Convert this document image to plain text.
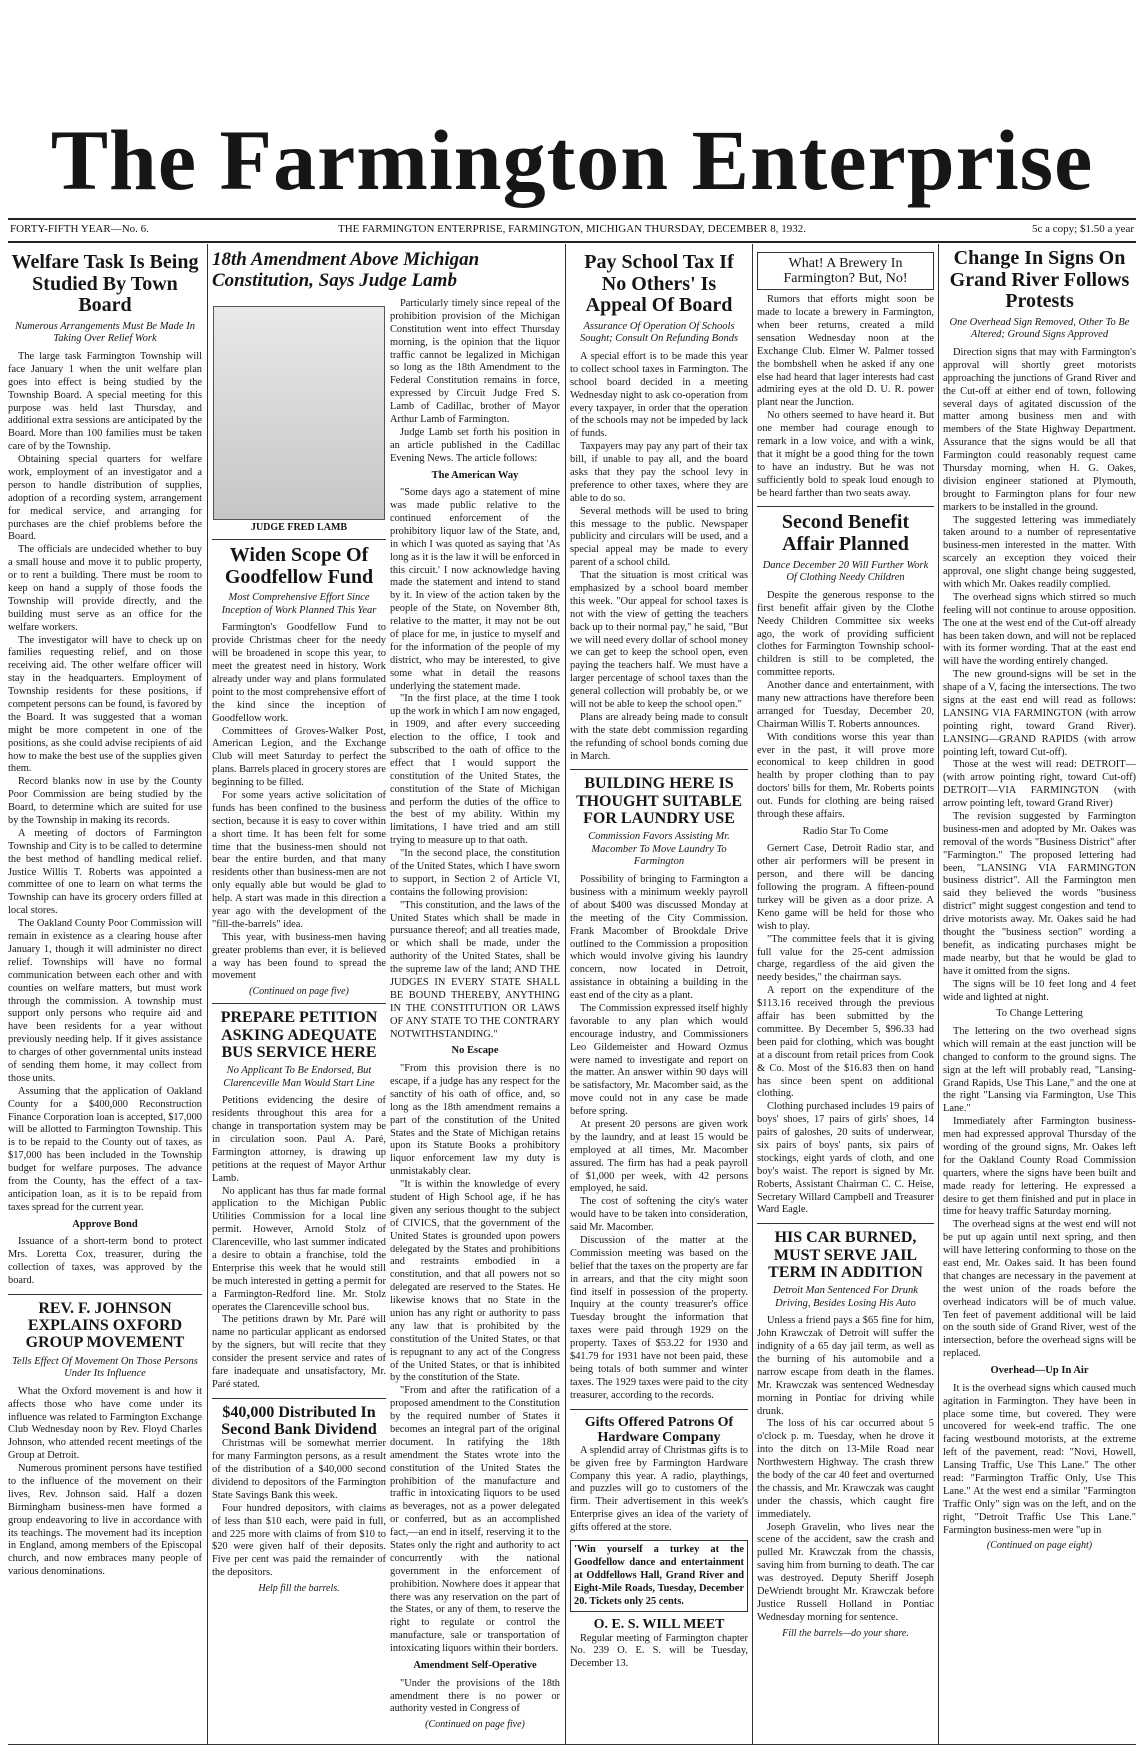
The Farmington Enterprise
FORTY-FIFTH YEAR—No. 6.	THE FARMINGTON ENTERPRISE, FARMINGTON, MICHIGAN THURSDAY, DECEMBER 8, 1932.	5c a copy; $1.50 a year
Welfare Task Is Being Studied By Town Board
Numerous Arrangements Must Be Made In Taking Over Relief Work

The large task Farmington Township will face January 1 when the unit welfare plan goes into effect is being studied by the Township Board. A special meeting for this purpose was held last Thursday, and additional extra sessions are anticipated by the Board. More than 100 families must be taken care of by the Township.

Obtaining special quarters for welfare work, employment of an investigator and a person to handle distribution of supplies, adoption of a recording system, arrangement for medical service, and arranging for purchases are the chief problems before the Board.

The officials are undecided whether to buy a small house and move it to public property, or to rent a building. There must be room to keep on hand a supply of those foods the Township will provide directly, and the building must serve as an office for the welfare workers.

The investigator will have to check up on families requesting relief, and on those receiving aid. The other welfare officer will stay in the headquarters. Employment of Township residents for these positions, if competent persons can be found, is favored by the Board. It was suggested that a woman might be more competent in one of the positions, as she could advise recipients of aid how to make the best use of the supplies given them.

Record blanks now in use by the County Poor Commission are being studied by the Board, to determine which are suited for use by the Township in making its records.

A meeting of doctors of Farmington Township and City is to be called to determine the best method of handling medical relief. Justice Willis T. Roberts was appointed a committee of one to learn on what terms the Township can have its grocery orders filled at local stores.

The Oakland County Poor Commission will remain in existence as a clearing house after January 1, though it will administer no direct relief. Townships will have no formal communication between each other and with counties on welfare matters, but must work through the commission. A township must support only persons who require aid and have been residents for a year without previously needing help. If it gives assistance to charges of other governmental units instead of sending them home, it may collect from those units.

Assuming that the application of Oakland County for a $400,000 Reconstruction Finance Corporation loan is accepted, $17,000 will be allotted to Farmington Township. This is to be repaid to the County out of taxes, as $17,000 has been included in the Township budget for welfare purposes. The advance from the County, has the effect of a tax-anticipation loan, as it is to be repaid from taxes spread for the current year.

Approve Bond

Issuance of a short-term bond to protect Mrs. Loretta Cox, treasurer, during the collection of taxes, was approved by the board.

REV. F. JOHNSON EXPLAINS OXFORD GROUP MOVEMENT
Tells Effect Of Movement On Those Persons Under Its Influence

What the Oxford movement is and how it affects those who have come under its influence was related to Farmington Exchange Club Wednesday noon by Rev. Floyd Charles Johnson, who attended recent meetings of the Group at Detroit.

Numerous prominent persons have testified to the influence of the movement on their lives, Rev. Johnson said. Half a dozen Birmingham business-men have formed a group endeavoring to live in accordance with its teachings. The movement had its inception in England, among members of the Episcopal church, and now embraces many people of various denominations.

18th Amendment Above Michigan Constitution, Says Judge Lamb
JUDGE FRED LAMB
Widen Scope Of Goodfellow Fund
Most Comprehensive Effort Since Inception of Work Planned This Year

Farmington's Goodfellow Fund to provide Christmas cheer for the needy will be broadened in scope this year, to meet the greatest need in history. Work already under way and plans formulated point to the most comprehensive effort of the kind since the inception of Goodfellow work.

Committees of Groves-Walker Post, American Legion, and the Exchange Club will meet Saturday to perfect the plans. Barrels placed in grocery stores are beginning to be filled.

For some years active solicitation of funds has been confined to the business section, because it is easy to cover within a short time. It has been felt for some time that the business-men should not bear the entire burden, and that many residents other than business-men are not only equally able but would be glad to help. A start was made in this direction a year ago with the development of the "fill-the-barrels" idea.

This year, with business-men having greater problems than ever, it is believed a way has been found to spread the movement

(Continued on page five)
PREPARE PETITION ASKING ADEQUATE BUS SERVICE HERE
No Applicant To Be Endorsed, But Clarenceville Man Would Start Line

Petitions evidencing the desire of residents throughout this area for a change in transportation system may be in circulation soon. Paul A. Paré, Farmington attorney, is drawing up petitions at the request of Mayor Arthur Lamb.

No applicant has thus far made formal application to the Michigan Public Utilities Commission for a local line permit. However, Arnold Stolz of Clarenceville, who last summer indicated a desire to obtain a franchise, told the Enterprise this week that he would still be much interested in getting a permit for a Farmington-Redford line. Mr. Stolz operates the Clarenceville school bus.

The petitions drawn by Mr. Paré will name no particular applicant as endorsed by the signers, but will recite that they consider the present service and rates of fare inadequate and unsatisfactory, Mr. Paré stated.

$40,000 Distributed In Second Bank Dividend

Christmas will be somewhat merrier for many Farmington persons, as a result of the distribution of a $40,000 second dividend to depositors of the Farmington State Savings Bank this week.

Four hundred depositors, with claims of less than $10 each, were paid in full, and 225 more with claims of from $10 to $20 were given half of their deposits. Five per cent was paid the remainder of the depositors.

Help fill the barrels.

Particularly timely since repeal of the prohibition provision of the Michigan Constitution went into effect Thursday morning, is the opinion that the liquor traffic cannot be legalized in Michigan so long as the 18th Amendment to the Federal Constitution remains in force, expressed by Circuit Judge Fred S. Lamb of Cadillac, brother of Mayor Arthur Lamb of Farmington.

Judge Lamb set forth his position in an article published in the Cadillac Evening News. The article follows:

The American Way

"Some days ago a statement of mine was made public relative to the continued enforcement of the prohibitory liquor law of the State, and, in which I was quoted as saying that 'As long as it is the law it will be enforced in this circuit.' I now acknowledge having made the statement and intend to stand by it. In view of the action taken by the people of the State, on November 8th, relative to the matter, it may not be out of place for me, in justice to myself and for the information of the people of my district, who may be interested, to give some what in detail the reasons underlying the statement made.

"In the first place, at the time I took up the work in which I am now engaged, in 1909, and after every succeeding election to the office, I took and subscribed to the oath of office to the effect that I would support the constitution of the United States, the constitution of the State of Michigan and perform the duties of the office to the best of my ability. Within my limitations, I have tried and am still trying to measure up to that oath.

"In the second place, the constitution of the United States, which I have sworn to support, in Section 2 of Article VI, contains the following provision:

"This constitution, and the laws of the United States which shall be made in pursuance thereof; and all treaties made, or which shall be made, under the authority of the United States, shall be the supreme law of the land; AND THE JUDGES IN EVERY STATE SHALL BE BOUND THEREBY, ANYTHING IN THE CONSTITUTION OR LAWS OF ANY STATE TO THE CONTRARY NOTWITHSTANDING."

No Escape

"From this provision there is no escape, if a judge has any respect for the sanctity of his oath of office, and, so long as the 18th amendment remains a part of the constitution of the United States and the State of Michigan retains upon its Statute Books a prohibitory liquor enforcement law my duty is unmistakably clear.

"It is within the knowledge of every student of High School age, if he has given any serious thought to the subject of CIVICS, that the government of the United States is grounded upon powers delegated by the States and prohibitions and restraints embodied in a constitution, and that all powers not so delegated are reserved to the States. He likewise knows that no State in the union has any right or authority to pass any law that is prohibited by the constitution of the United States, or that is repugnant to any act of the Congress of the United States, or that is inhibited by the constitution of the State.

"From and after the ratification of a proposed amendment to the Constitution by the required number of States it becomes an integral part of the original document. In ratifying the 18th amendment the States wrote into the constitution of the United States the prohibition of the manufacture and traffic in intoxicating liquors to be used as beverages, not as a power delegated or conferred, but as an accomplished fact,—an end in itself, reserving it to the States only the right and authority to act concurrently with the national government in the enforcement of prohibition. Nowhere does it appear that there was any reservation on the part of the States, or any of them, to reserve the right to regulate or control the manufacture, sale or transportation of intoxicating liquors within their borders.

Amendment Self-Operative

"Under the provisions of the 18th amendment there is no power or authority vested in Congress of

(Continued on page five)
Pay School Tax If No Others' Is Appeal Of Board
Assurance Of Operation Of Schools Sought; Consult On Refunding Bonds

A special effort is to be made this year to collect school taxes in Farmington. The school board decided in a meeting Wednesday night to ask co-operation from every taxpayer, in order that the operation of the schools may not be impeded by lack of funds.

Taxpayers may pay any part of their tax bill, if unable to pay all, and the board asks that they pay the school levy in preference to other taxes, where they are able to do so.

Several methods will be used to bring this message to the public. Newspaper publicity and circulars will be used, and a special appeal may be made to every parent of a school child.

That the situation is most critical was emphasized by a school board member this week. "Our appeal for school taxes is not with the view of getting the teachers back up to their normal pay," he said, "But we will need every dollar of school money we can get to keep the school open, even paying the teachers half. We must have a larger percentage of school taxes than the general collection will probably be, or we will not be able to keep the school open."

Plans are already being made to consult with the state debt commission regarding the refunding of school bonds coming due in March.

BUILDING HERE IS THOUGHT SUITABLE FOR LAUNDRY USE
Commission Favors Assisting Mr. Macomber To Move Laundry To Farmington

Possibility of bringing to Farmington a business with a minimum weekly payroll of about $400 was discussed Monday at the meeting of the City Commission. Frank Macomber of Brookdale Drive outlined to the Commission a proposition which would involve giving his laundry concern, now located in Detroit, assistance in obtaining a building in the east end of the city as a plant.

The Commission expressed itself highly favorable to any plan which would encourage industry, and Commissioners Leo Gildemeister and Howard Ozmus were named to investigate and report on the matter. An answer within 90 days will be satisfactory, Mr. Macomber said, as the move could not in any case be made before spring.

At present 20 persons are given work by the laundry, and at least 15 would be employed at all times, Mr. Macomber assured. The firm has had a peak payroll of $1,000 per week, with 42 persons employed, he said.

The cost of softening the city's water would have to be taken into consideration, said Mr. Macomber.

Discussion of the matter at the Commission meeting was based on the belief that the taxes on the property are far in arrears, and that the city might soon find itself in possession of the property. Inquiry at the county treasurer's office Tuesday brought the information that taxes were paid through 1929 on the property. Taxes of $53.22 for 1930 and $41.79 for 1931 have not been paid, these being totals of both summer and winter taxes. The 1929 taxes were paid to the city treasurer, according to the records.

Gifts Offered Patrons Of Hardware Company

A splendid array of Christmas gifts is to be given free by Farmington Hardware Company this year. A radio, playthings, and puzzles will go to customers of the firm. Their advertisement in this week's Enterprise gives an idea of the variety of gifts offered at the store.

'Win yourself a turkey at the Goodfellow dance and entertainment at Oddfellows Hall, Grand River and Eight-Mile Roads, Tuesday, December 20. Tickets only 25 cents.

O. E. S. WILL MEET

Regular meeting of Farmington chapter No. 239 O. E. S. will be Tuesday, December 13.

What! A Brewery In Farmington? But, No!

Rumors that efforts might soon be made to locate a brewery in Farmington, when beer returns, created a mild sensation Wednesday noon at the Exchange Club. Elmer W. Palmer tossed the bombshell when he asked if any one else had heard that lager interests had cast admiring eyes at the old D. U. R. power plant near the Junction.

No others seemed to have heard it. But one member had courage enough to remark in a low voice, and with a wink, that it might be a good thing for the town to have an industry. But he was not sufficiently bold to speak loud enough to be heard farther than two seats away.

Second Benefit Affair Planned
Dance December 20 Will Further Work Of Clothing Needy Children

Despite the generous response to the first benefit affair given by the Clothe Needy Children Committee six weeks ago, the work of providing sufficient clothes for Farmington Township school-children is still to be completed, the committee reports.

Another dance and entertainment, with many new attractions have therefore been arranged for Tuesday, December 20, Chairman Willis T. Roberts announces.

With conditions worse this year than ever in the past, it will prove more economical to keep children in good health by proper clothing than to pay doctors' bills for them, Mr. Roberts points out. Funds for clothing are being raised through these affairs.

Radio Star To Come

Gernert Case, Detroit Radio star, and other air performers will be present in person, and there will be dancing following the program. A fifteen-pound turkey will be given as a door prize. A Keno game will be held for those who wish to play.

"The committee feels that it is giving full value for the 25-cent admission charge, regardless of the aid given the needy besides," the chairman says.

A report on the expenditure of the $113.16 received through the previous affair has been submitted by the committee. By December 5, $96.33 had been paid for clothing, which was bought at a discount from retail prices from Cook & Co. Most of the $16.83 then on hand has since been spent on additional clothing.

Clothing purchased includes 19 pairs of boys' shoes, 17 pairs of girls' shoes, 14 pairs of galoshes, 20 suits of underwear, six pairs of boys' pants, six pairs of stockings, eight yards of cloth, and one boy's waist. The report is signed by Mr. Roberts, Assistant Chairman C. C. Heise, Secretary Willard Campbell and Treasurer Ward Eagle.

HIS CAR BURNED, MUST SERVE JAIL TERM IN ADDITION
Detroit Man Sentenced For Drunk Driving, Besides Losing His Auto

Unless a friend pays a $65 fine for him, John Krawczak of Detroit will suffer the indignity of a 65 day jail term, as well as the burning of his automobile and a narrow escape from death in the flames. Mr. Krawczak was sentenced Wednesday morning in Pontiac for driving while drunk.

The loss of his car occurred about 5 o'clock p. m. Tuesday, when he drove it into the ditch on 13-Mile Road near Northwestern Highway. The crash threw the body of the car 40 feet and overturned the chassis, and Mr. Krawczak was caught under the chassis, which caught fire immediately.

Joseph Gravelin, who lives near the scene of the accident, saw the crash and pulled Mr. Krawczak from the chassis, saving him from burning to death. The car was destroyed. Deputy Sheriff Joseph DeWriendt brought Mr. Krawczak before Justice Russell Holland in Pontiac Wednesday morning for sentence.

Fill the barrels—do your share.
Change In Signs On Grand River Follows Protests
One Overhead Sign Removed, Other To Be Altered; Ground Signs Approved

Direction signs that may with Farmington's approval will shortly greet motorists approaching the junctions of Grand River and the Cut-off at either end of town, following several days of agitated discussion of the matter among business men and with members of the State Highway Department. Assurance that the signs would be all that Farmington could reasonably request came Thursday morning, when H. G. Oakes, division engineer stationed at Plymouth, brought to Farmington plans for four new markers to be installed in the ground.

The suggested lettering was immediately taken around to a number of representative business-men interested in the matter. With scarcely an exception they voiced their approval, one slight change being suggested, with which Mr. Oakes readily complied.

The overhead signs which stirred so much feeling will not continue to arouse opposition. The one at the west end of the Cut-off already has been taken down, and will not be replaced with its former wording. That at the east end will have the wording entirely changed.

The new ground-signs will be set in the shape of a V, facing the intersections. The two signs at the east end will read as follows: LANSING VIA FARMINGTON (with arrow pointing right, toward Grand River). LANSING—GRAND RAPIDS (with arrow pointing left, toward Cut-off).

Those at the west will read: DETROIT—(with arrow pointing right, toward Cut-off) DETROIT—VIA FARMINGTON (with arrow pointing left, toward Grand River)

The revision suggested by Farmington business-men and adopted by Mr. Oakes was removal of the words "Business District" after "Farmington." The proposed lettering had been, "LANSING VIA FARMINGTON business district". All the Farmington men said they believed the words "business district" might suggest congestion and tend to drive motorists away. Mr. Oakes said he had thought the "business section" wording a benefit, as indicating purchases might be made nearby, but that he would be glad to have it omitted from the signs.

The signs will be 10 feet long and 4 feet wide and lighted at night.

To Change Lettering

The lettering on the two overhead signs which will remain at the east junction will be changed to conform to the ground signs. The sign at the left will probably read, "Lansing-Grand Rapids, Use This Lane," and the one at the right "Lansing via Farmington, Use This Lane."

Immediately after Farmington business-men had expressed approval Thursday of the wording of the ground signs, Mr. Oakes left for the Oakland County Road Commission quarters, where the signs have been built and made ready for lettering. He expressed a desire to get them finished and put in place in time for heavy traffic Saturday morning.

The overhead signs at the west end will not be put up again until next spring, and then will have lettering conforming to those on the east end, Mr. Oakes said. It has been found that changes are necessary in the pavement at the west union of the roads before the overhead indicators will be of much value. Ten feet of pavement additional will be laid on the south side of Grand River, west of the intersection, before the overhead signs will be replaced.

Overhead—Up In Air

It is the overhead signs which caused much agitation in Farmington. They have been in place some time, but covered. They were uncovered for week-end traffic. The one facing westbound motorists, at the extreme left of the pavement, read: "Novi, Howell, Lansing Traffic, Use This Lane." The other read: "Farmington Traffic Only, Use This Lane." At the west end a similar "Farmington Traffic Only" sign was on the left, and on the right, "Detroit Traffic Use This Lane." Farmington business-men were "up in

(Continued on page eight)
